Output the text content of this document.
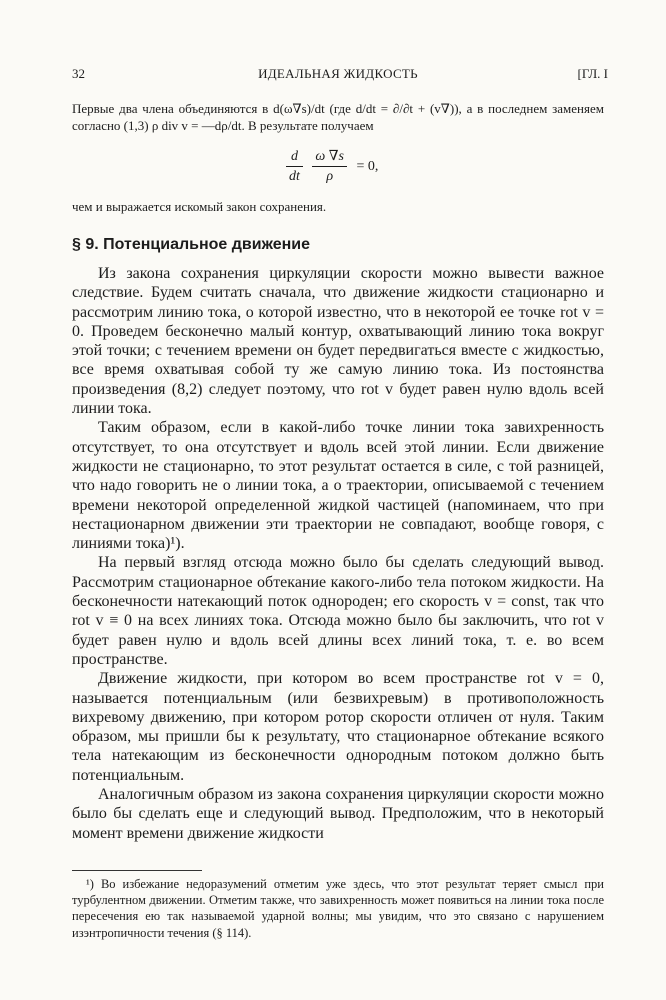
32	ИДЕАЛЬНАЯ ЖИДКОСТЬ	[ГЛ. I
Первые два члена объединяются в d(ω∇s)/dt (где d/dt = ∂/∂t + (v∇)), а в последнем заменяем согласно (1,3) ρ div v = —dρ/dt. В результате получаем
$\frac{d}{dt}$
$\frac{\omega \nabla s}{\rho} = 0$,
чем и выражается искомый закон сохранения.
§ 9. Потенциальное движение

Из закона сохранения циркуляции скорости можно вывести важное следствие. Будем считать сначала, что движение жидкости стационарно и рассмотрим линию тока, о которой известно, что в некоторой ее точке rot v = 0. Проведем бесконечно малый контур, охватывающий линию тока вокруг этой точки; с течением времени он будет передвигаться вместе с жидкостью, все время охватывая собой ту же самую линию тока. Из постоянства произведения (8,2) следует поэтому, что rot v будет равен нулю вдоль всей линии тока.

Таким образом, если в какой-либо точке линии тока завихренность отсутствует, то она отсутствует и вдоль всей этой линии. Если движение жидкости не стационарно, то этот результат остается в силе, с той разницей, что надо говорить не о линии тока, а о траектории, описываемой с течением времени некоторой определенной жидкой частицей (напоминаем, что при нестационарном движении эти траектории не совпадают, вообще говоря, с линиями тока)¹).

На первый взгляд отсюда можно было бы сделать следующий вывод. Рассмотрим стационарное обтекание какого-либо тела потоком жидкости. На бесконечности натекающий поток однороден; его скорость v = const, так что rot v ≡ 0 на всех линиях тока. Отсюда можно было бы заключить, что rot v будет равен нулю и вдоль всей длины всех линий тока, т. е. во всем пространстве.

Движение жидкости, при котором во всем пространстве rot v = 0, называется потенциальным (или безвихревым) в противоположность вихревому движению, при котором ротор скорости отличен от нуля. Таким образом, мы пришли бы к результату, что стационарное обтекание всякого тела натекающим из бесконечности однородным потоком должно быть потенциальным.

Аналогичным образом из закона сохранения циркуляции скорости можно было бы сделать еще и следующий вывод. Предположим, что в некоторый момент времени движение жидкости

¹) Во избежание недоразумений отметим уже здесь, что этот результат теряет смысл при турбулентном движении. Отметим также, что завихренность может появиться на линии тока после пересечения ею так называемой ударной волны; мы увидим, что это связано с нарушением изэнтропичности течения (§ 114).
